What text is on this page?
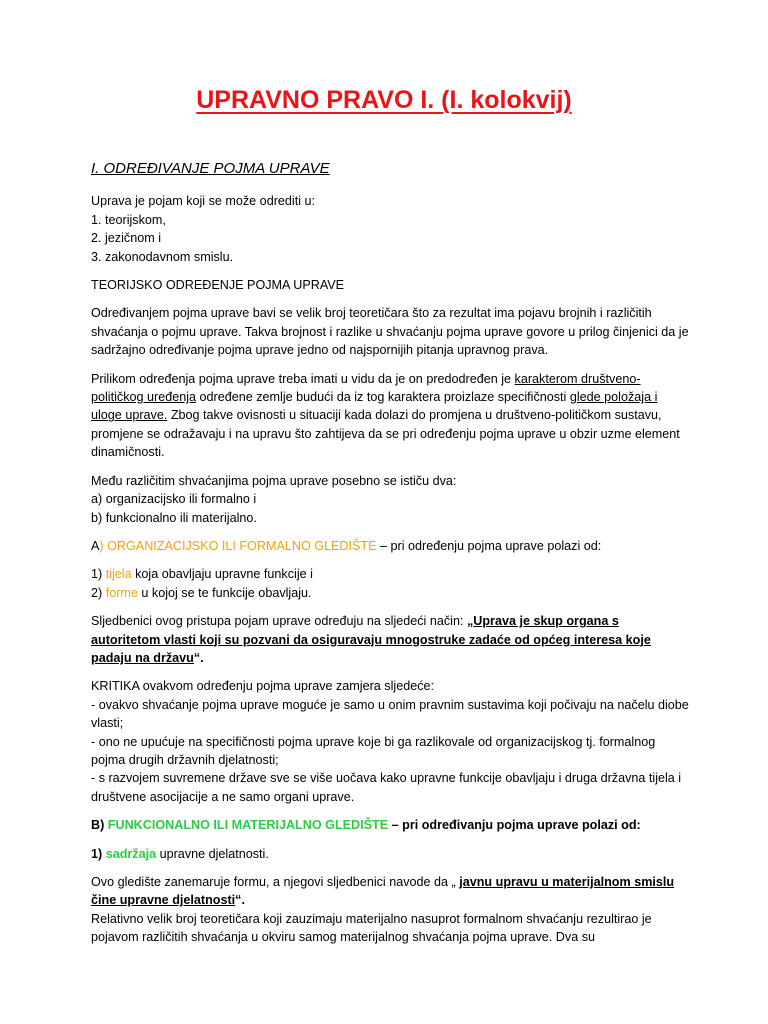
UPRAVNO PRAVO I. (I. kolokvij)
I. ODREĐIVANJE POJMA UPRAVE

Uprava je pojam koji se može odrediti u:
1. teorijskom,
2. jezičnom i
3. zakonodavnom smislu.

TEORIJSKO ODREĐENJE POJMA UPRAVE

Određivanjem pojma uprave bavi se velik broj teoretičara što za rezultat ima pojavu brojnih i različitih shvaćanja o pojmu uprave. Takva brojnost i razlike u shvaćanju pojma uprave govore u prilog činjenici da je sadržajno određivanje pojma uprave jedno od najspornijih pitanja upravnog prava.

Prilikom određenja pojma uprave treba imati u vidu da je on predodređen je karakterom društveno-političkog uređenja određene zemlje budući da iz tog karaktera proizlaze specifičnosti glede položaja i uloge uprave. Zbog takve ovisnosti u situaciji kada dolazi do promjena u društveno-političkom sustavu, promjene se odražavaju i na upravu što zahtijeva da se pri određenju pojma uprave u obzir uzme element dinamičnosti.

Među različitim shvaćanjima pojma uprave posebno se ističu dva:
a) organizacijsko ili formalno i
b) funkcionalno ili materijalno.

A) ORGANIZACIJSKO ILI FORMALNO GLEDIŠTE – pri određenju pojma uprave polazi od:

1) tijela koja obavljaju upravne funkcije i
2) forme u kojoj se te funkcije obavljaju.

Sljedbenici ovog pristupa pojam uprave određuju na sljedeći način: „Uprava je skup organa s autoritetom vlasti koji su pozvani da osiguravaju mnogostruke zadaće od općeg interesa koje padaju na državu“.

KRITIKA ovakvom određenju pojma uprave zamjera sljedeće:
- ovakvo shvaćanje pojma uprave moguće je samo u onim pravnim sustavima koji počivaju na načelu diobe vlasti;
- ono ne upućuje na specifičnosti pojma uprave koje bi ga razlikovale od organizacijskog tj. formalnog pojma drugih državnih djelatnosti;
- s razvojem suvremene države sve se više uočava kako upravne funkcije obavljaju i druga državna tijela i društvene asocijacije a ne samo organi uprave.

B) FUNKCIONALNO ILI MATERIJALNO GLEDIŠTE – pri određivanju pojma uprave polazi od:

1) sadržaja upravne djelatnosti.

Ovo gledište zanemaruje formu, a njegovi sljedbenici navode da „ javnu upravu u materijalnom smislu čine upravne djelatnosti“.
Relativno velik broj teoretičara koji zauzimaju materijalno nasuprot formalnom shvaćanju rezultirao je pojavom različitih shvaćanja u okviru samog materijalnog shvaćanja pojma uprave. Dva su
